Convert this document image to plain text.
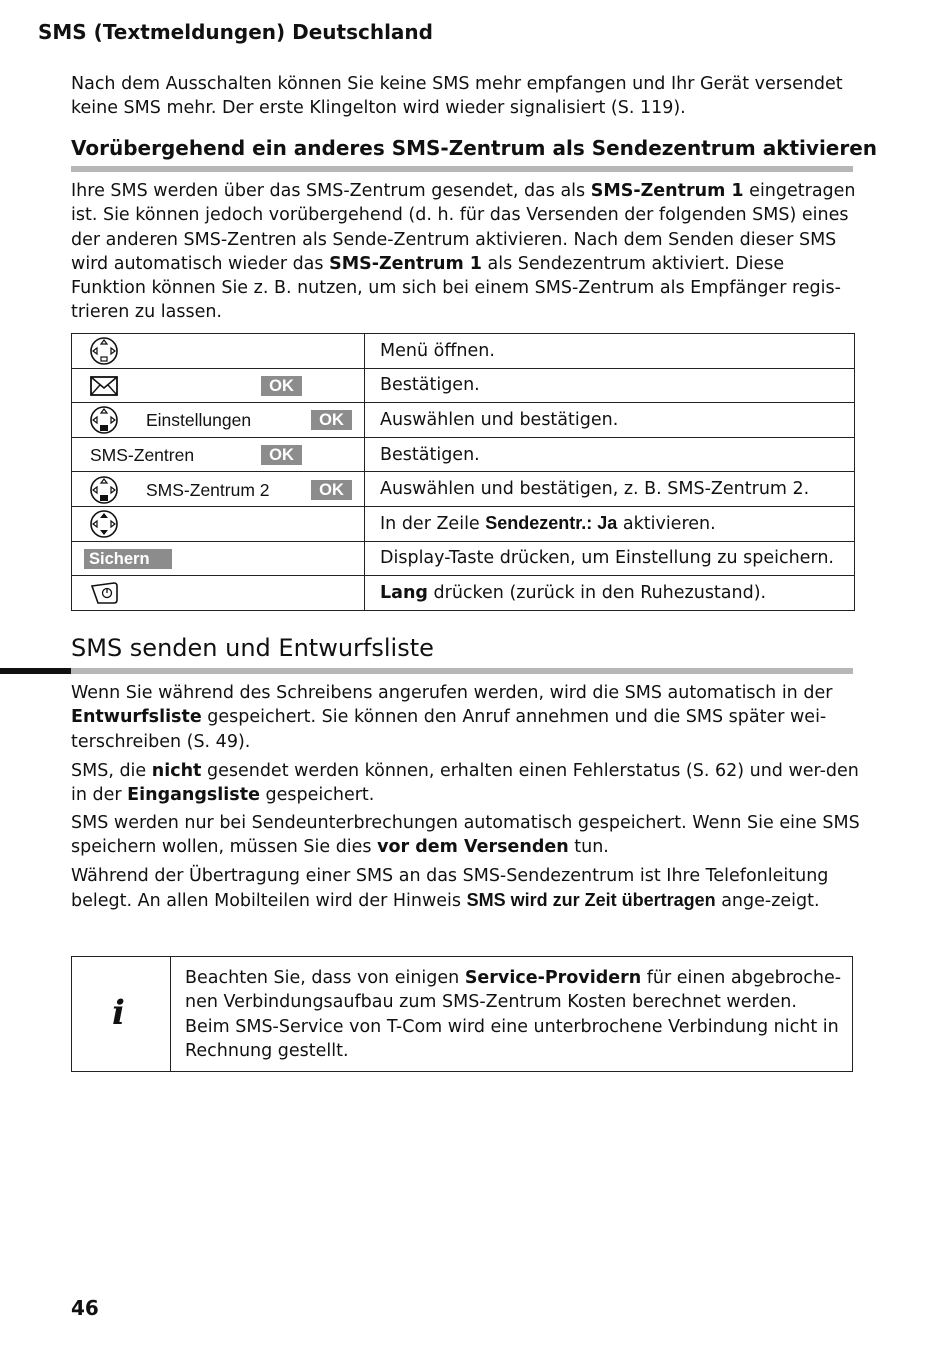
SMS (Textmeldungen) Deutschland
Nach dem Ausschalten können Sie keine SMS mehr empfangen und Ihr Gerät versendet keine SMS mehr. Der erste Klingelton wird wieder signalisiert (S. 119).
Vorübergehend ein anderes SMS-Zentrum als Sendezentrum aktivieren
Ihre SMS werden über das SMS-Zentrum gesendet, das als SMS-Zentrum 1 eingetragen ist. Sie können jedoch vorübergehend (d. h. für das Versenden der folgenden SMS) eines der anderen SMS-Zentren als Sende-Zentrum aktivieren. Nach dem Senden dieser SMS wird automatisch wieder das SMS-Zentrum 1 als Sendezentrum aktiviert. Diese Funktion können Sie z. B. nutzen, um sich bei einem SMS-Zentrum als Empfänger regis-trieren zu lassen.
	Menü öffnen.

OK	Bestätigen.

Einstellungen OK	Auswählen und bestätigen.

SMS-Zentren OK	Bestätigen.

SMS-Zentrum 2 OK	Auswählen und bestätigen, z. B. SMS-Zentrum 2.

	In der Zeile Sendezentr.: Ja aktivieren.

Sichern	Display-Taste drücken, um Einstellung zu speichern.

	Lang drücken (zurück in den Ruhezustand).
SMS senden und Entwurfsliste
Wenn Sie während des Schreibens angerufen werden, wird die SMS automatisch in der Entwurfsliste gespeichert. Sie können den Anruf annehmen und die SMS später wei-terschreiben (S. 49).
SMS, die nicht gesendet werden können, erhalten einen Fehlerstatus (S. 62) und wer-den in der Eingangsliste gespeichert.
SMS werden nur bei Sendeunterbrechungen automatisch gespeichert. Wenn Sie eine SMS speichern wollen, müssen Sie dies vor dem Versenden tun.
Während der Übertragung einer SMS an das SMS-Sendezentrum ist Ihre Telefonleitung belegt. An allen Mobilteilen wird der Hinweis SMS wird zur Zeit übertragen ange-zeigt.
i
Beachten Sie, dass von einigen Service-Providern für einen abgebroche-nen Verbindungsaufbau zum SMS-Zentrum Kosten berechnet werden. Beim SMS-Service von T-Com wird eine unterbrochene Verbindung nicht in Rechnung gestellt.
46
